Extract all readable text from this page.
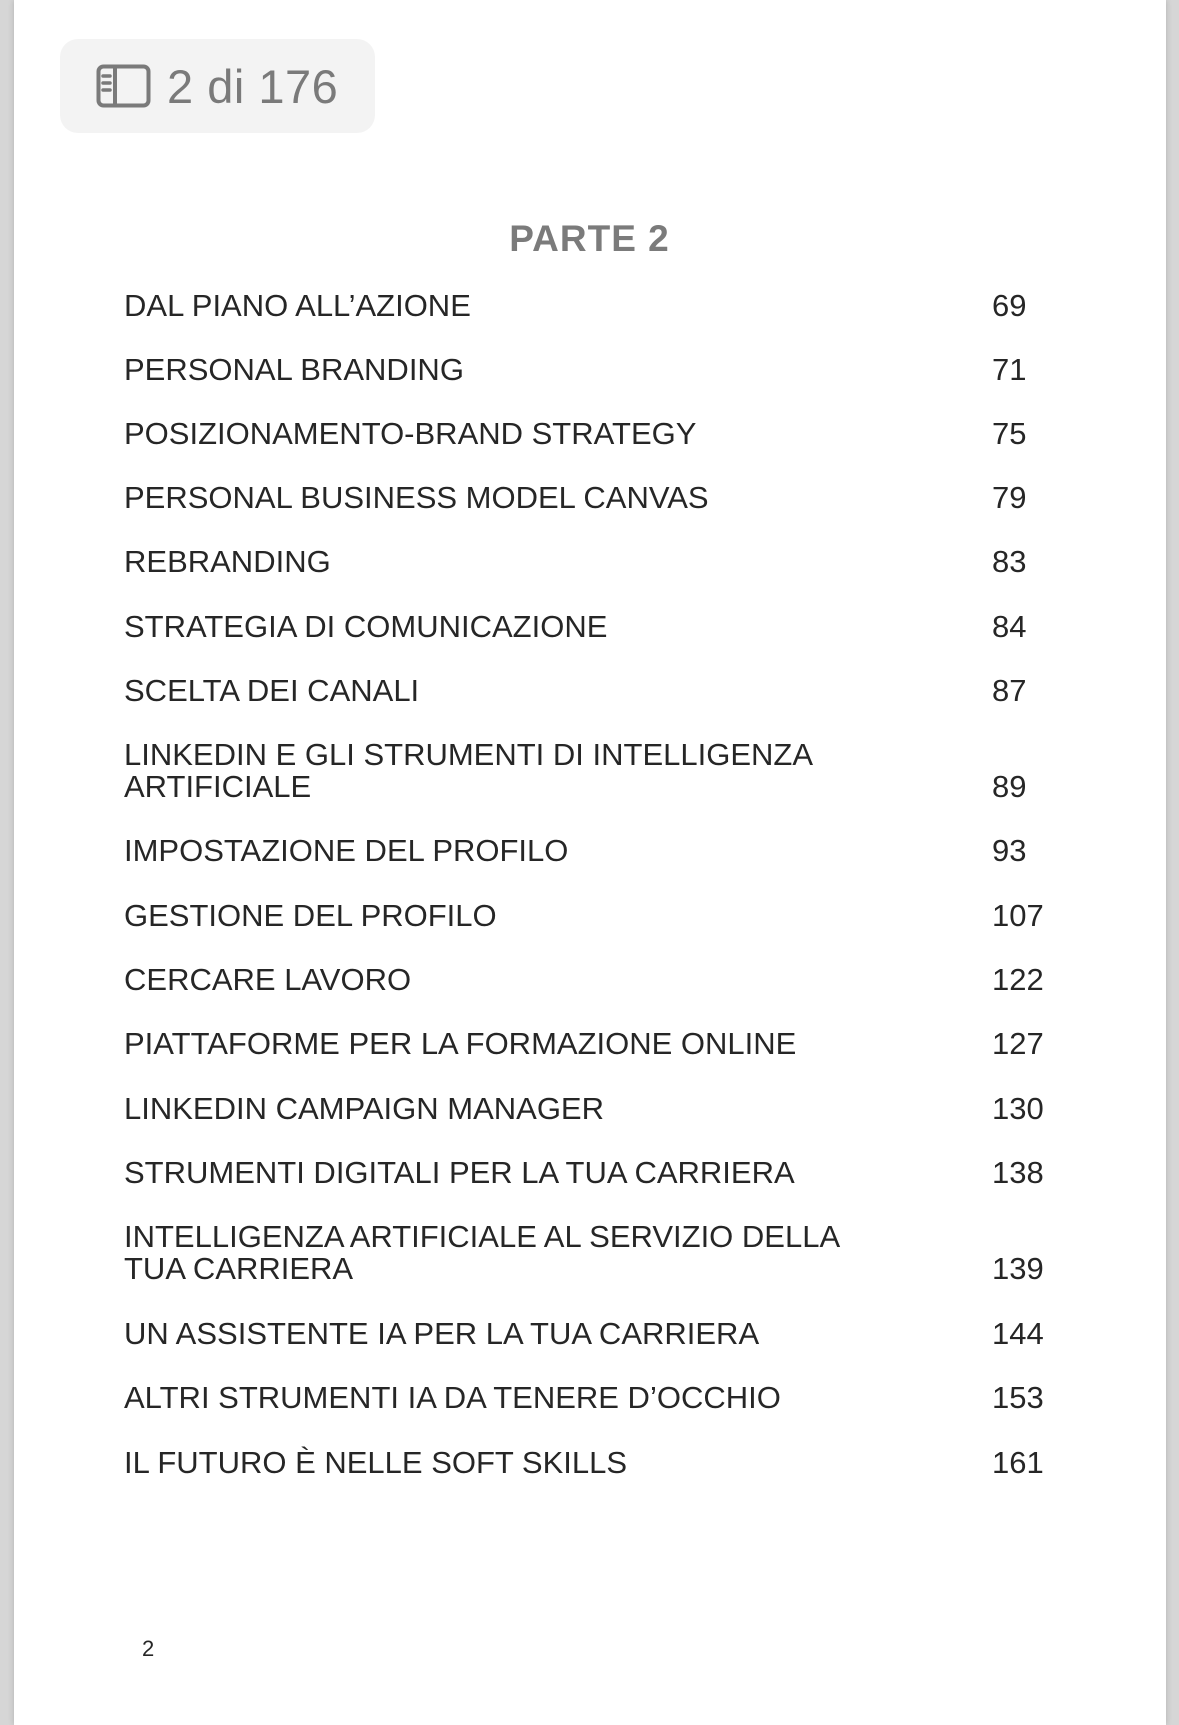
2 di 176
PARTE 2
DAL PIANO ALL’AZIONE	69
PERSONAL BRANDING	71
POSIZIONAMENTO-BRAND STRATEGY	75
PERSONAL BUSINESS MODEL CANVAS	79
REBRANDING	83
STRATEGIA DI COMUNICAZIONE	84
SCELTA DEI CANALI	87
LINKEDIN E GLI STRUMENTI DI INTELLIGENZA
ARTIFICIALE	89
IMPOSTAZIONE DEL PROFILO	93
GESTIONE DEL PROFILO	107
CERCARE LAVORO	122
PIATTAFORME PER LA FORMAZIONE ONLINE	127
LINKEDIN CAMPAIGN MANAGER	130
STRUMENTI DIGITALI PER LA TUA CARRIERA	138
INTELLIGENZA ARTIFICIALE AL SERVIZIO DELLA
TUA CARRIERA	139
UN ASSISTENTE IA PER LA TUA CARRIERA	144
ALTRI STRUMENTI IA DA TENERE D’OCCHIO	153
IL FUTURO È NELLE SOFT SKILLS	161
2
